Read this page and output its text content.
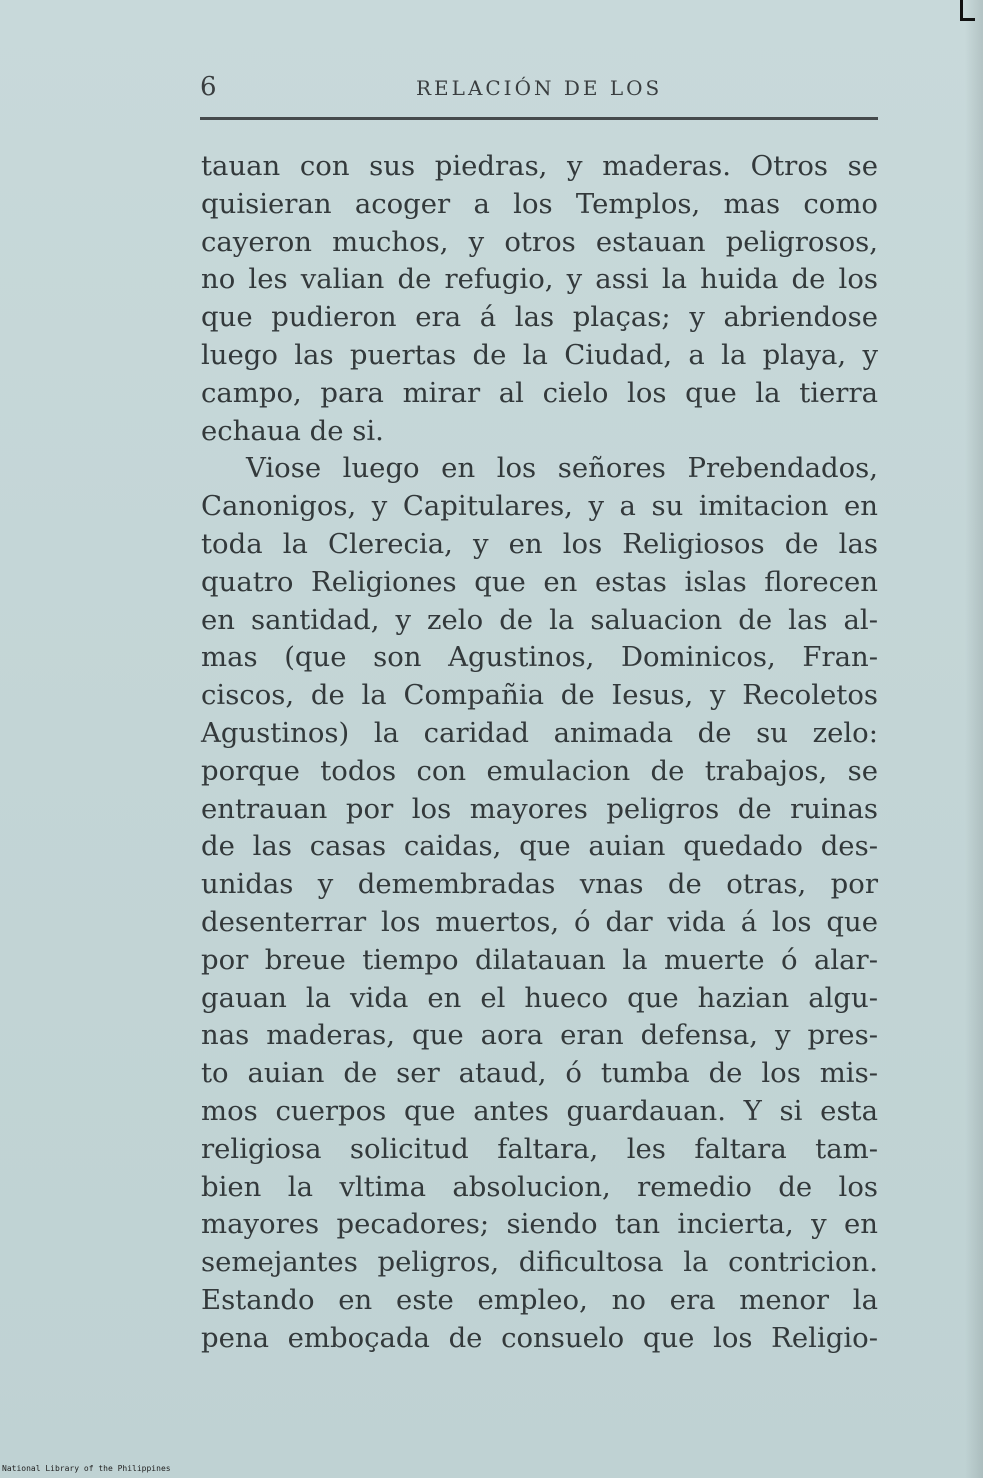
6	RELACIÓN DE LOS
tauan con sus piedras, y maderas. Otros se
quisieran acoger a los Templos, mas como
cayeron muchos, y otros estauan peligrosos,
no les valian de refugio, y assi la huida de los
que pudieron era á las plaças; y abriendose
luego las puertas de la Ciudad, a la playa, y
campo, para mirar al cielo los que la tierra
echaua de si.
Viose luego en los señores Prebendados,
Canonigos, y Capitulares, y a su imitacion en
toda la Clerecia, y en los Religiosos de las
quatro Religiones que en estas islas florecen
en santidad, y zelo de la saluacion de las al-
mas (que son Agustinos, Dominicos, Fran-
ciscos, de la Compañia de Iesus, y Recoletos
Agustinos) la caridad animada de su zelo:
porque todos con emulacion de trabajos, se
entrauan por los mayores peligros de ruinas
de las casas caidas, que auian quedado des-
unidas y demembradas vnas de otras, por
desenterrar los muertos, ó dar vida á los que
por breue tiempo dilatauan la muerte ó alar-
gauan la vida en el hueco que hazian algu-
nas maderas, que aora eran defensa, y pres-
to auian de ser ataud, ó tumba de los mis-
mos cuerpos que antes guardauan. Y si esta
religiosa solicitud faltara, les faltara tam-
bien la vltima absolucion, remedio de los
mayores pecadores; siendo tan incierta, y en
semejantes peligros, dificultosa la contricion.
Estando en este empleo, no era menor la
pena emboçada de consuelo que los Religio-
National Library of the Philippines
